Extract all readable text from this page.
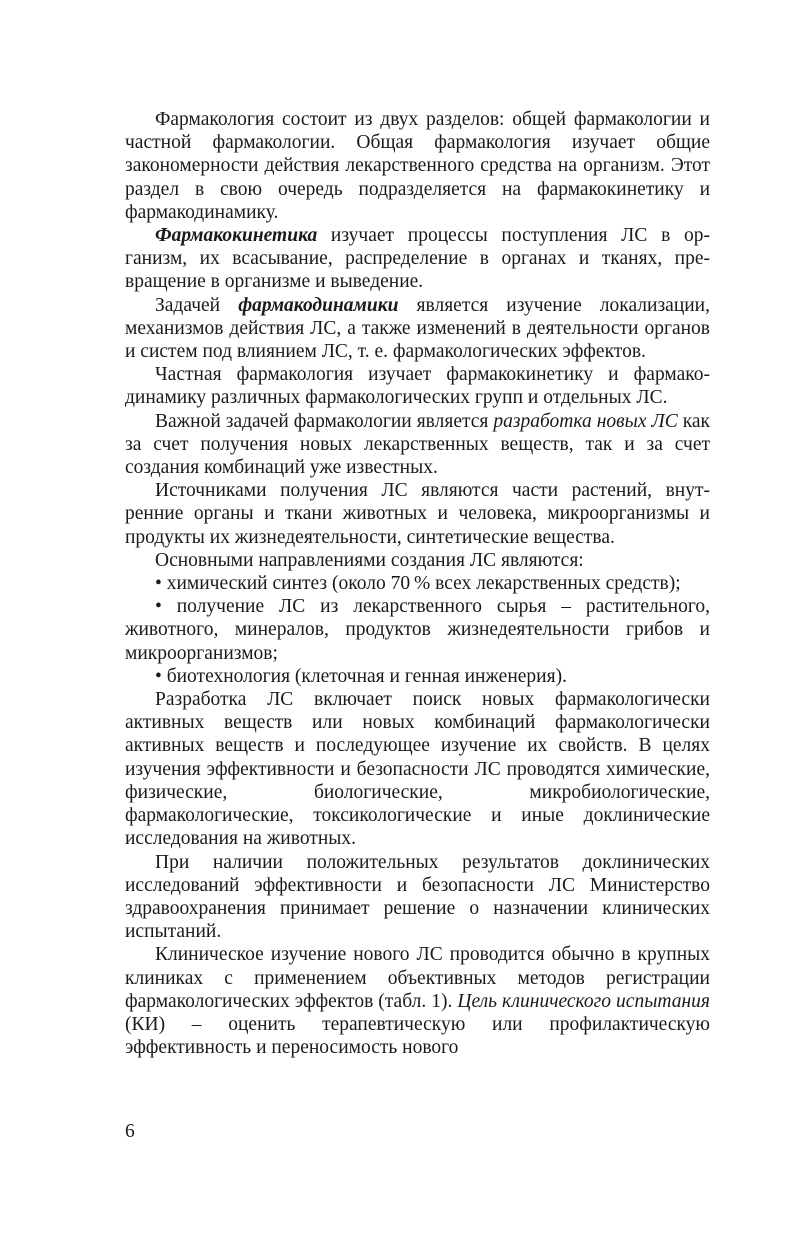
Фармакология состоит из двух разделов: общей фармакологии и частной фармакологии. Общая фармакология изучает общие закономерности действия лекарственного средства на организм. Этот раздел в свою очередь подразделяется на фармакокинетику и фармакодинамику.

Фармакокинетика изучает процессы поступления ЛС в организм, их всасывание, распределение в органах и тканях, превращение в организме и выведение.

Задачей фармакодинамики является изучение локализации, механизмов действия ЛС, а также изменений в деятельности органов и систем под влиянием ЛС, т. е. фармакологических эффектов.

Частная фармакология изучает фармакокинетику и фармакодинамику различных фармакологических групп и отдельных ЛС.

Важной задачей фармакологии является разработка новых ЛС как за счет получения новых лекарственных веществ, так и за счет создания комбинаций уже известных.

Источниками получения ЛС являются части растений, внутренние органы и ткани животных и человека, микроорганизмы и продукты их жизнедеятельности, синтетические вещества.

Основными направлениями создания ЛС являются:

• химический синтез (около 70 % всех лекарственных средств);

• получение ЛС из лекарственного сырья – растительного, животного, минералов, продуктов жизнедеятельности грибов и микроорганизмов;

• биотехнология (клеточная и генная инженерия).

Разработка ЛС включает поиск новых фармакологически активных веществ или новых комбинаций фармакологически активных веществ и последующее изучение их свойств. В целях изучения эффективности и безопасности ЛС проводятся химические, физические, биологические, микробиологические, фармакологические, токсикологические и иные доклинические исследования на животных.

При наличии положительных результатов доклинических исследований эффективности и безопасности ЛС Министерство здравоохранения принимает решение о назначении клинических испытаний.

Клиническое изучение нового ЛС проводится обычно в крупных клиниках с применением объективных методов регистрации фармакологических эффектов (табл. 1). Цель клинического испытания (КИ) – оценить терапевтическую или профилактическую эффективность и переносимость нового

6
